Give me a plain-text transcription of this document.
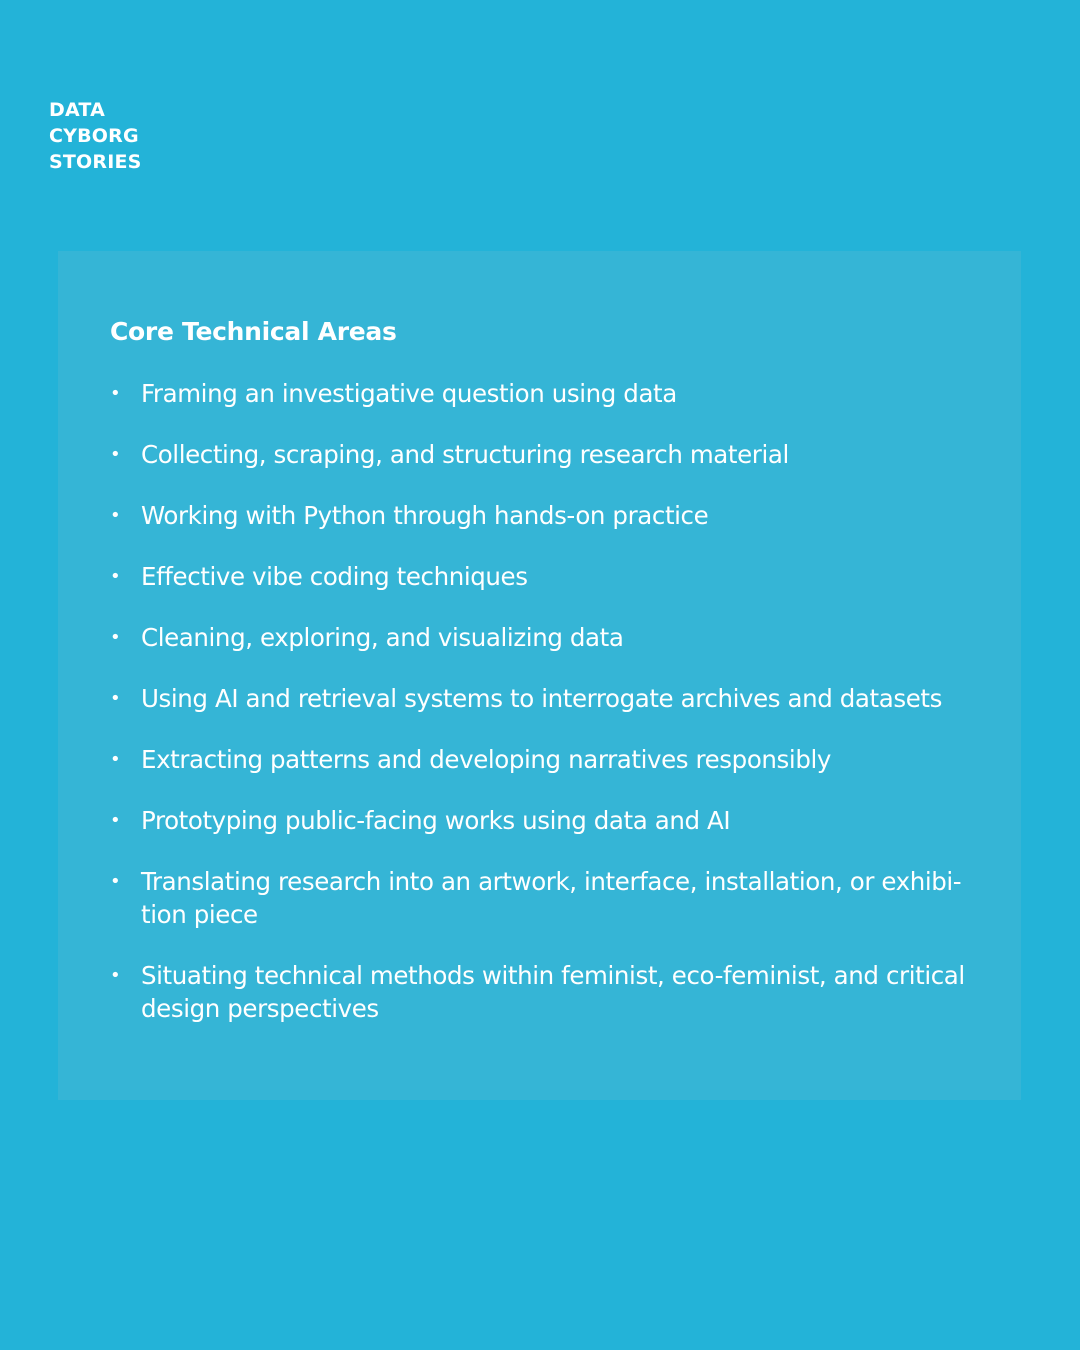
DATA
CYBORG
STORIES
Core Technical Areas
• Framing an investigative question using data
• Collecting, scraping, and structuring research material
• Working with Python through hands-on practice
• Effective vibe coding techniques
• Cleaning, exploring, and visualizing data
• Using AI and retrieval systems to interrogate archives and datasets
• Extracting patterns and developing narratives responsibly
• Prototyping public-facing works using data and AI
• Translating research into an artwork, interface, installation, or exhibi-tion piece
• Situating technical methods within feminist, eco-feminist, and critical design perspectives
